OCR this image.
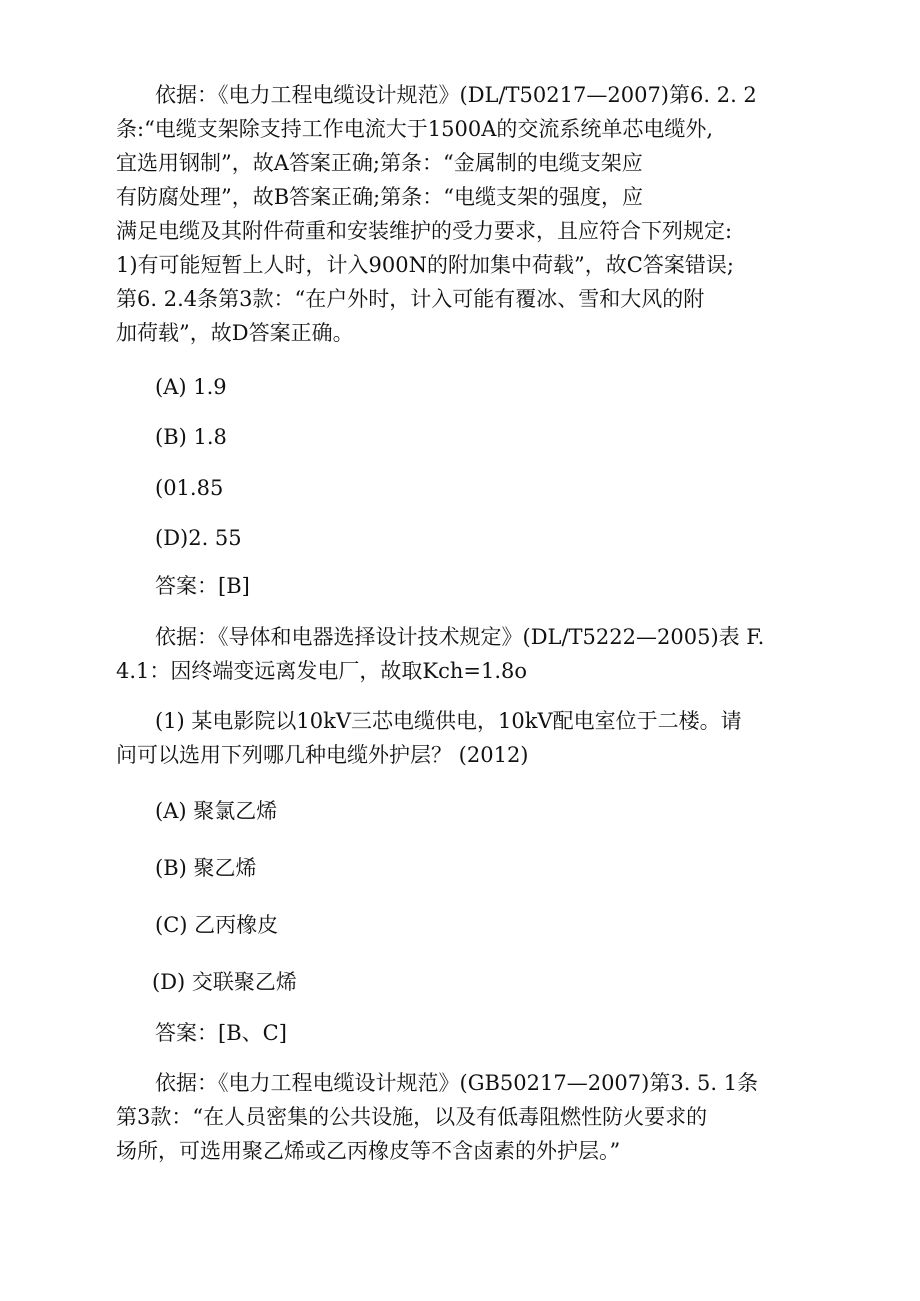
依据：《电力工程电缆设计规范》(DL/T50217—2007)第6. 2. 2
条:“电缆支架除支持工作电流大于1500A的交流系统单芯电缆外,
宜选用钢制”，故A答案正确;第条：“金属制的电缆支架应
有防腐处理”，故B答案正确;第条：“电缆支架的强度，应
满足电缆及其附件荷重和安装维护的受力要求，且应符合下列规定:
1)有可能短暂上人时，计入900N的附加集中荷载”，故C答案错误;
第6. 2.4条第3款：“在户外时，计入可能有覆冰、雪和大风的附
加荷载”，故D答案正确。
(A) 1.9
(B) 1.8
(01.85
(D)2. 55
答案：[B]
依据：《导体和电器选择设计技术规定》(DL/T5222—2005)表 F.
4.1：因终端变远离发电厂，故取Kch=1.8o
(1) 某电影院以10kV三芯电缆供电，10kV配电室位于二楼。请
问可以选用下列哪几种电缆外护层？ (2012)
(A) 聚氯乙烯
(B) 聚乙烯
(C) 乙丙橡皮
(D) 交联聚乙烯
答案：[B、C]
依据：《电力工程电缆设计规范》(GB50217—2007)第3. 5. 1条
第3款：“在人员密集的公共设施，以及有低毒阻燃性防火要求的
场所，可选用聚乙烯或乙丙橡皮等不含卤素的外护层。”
